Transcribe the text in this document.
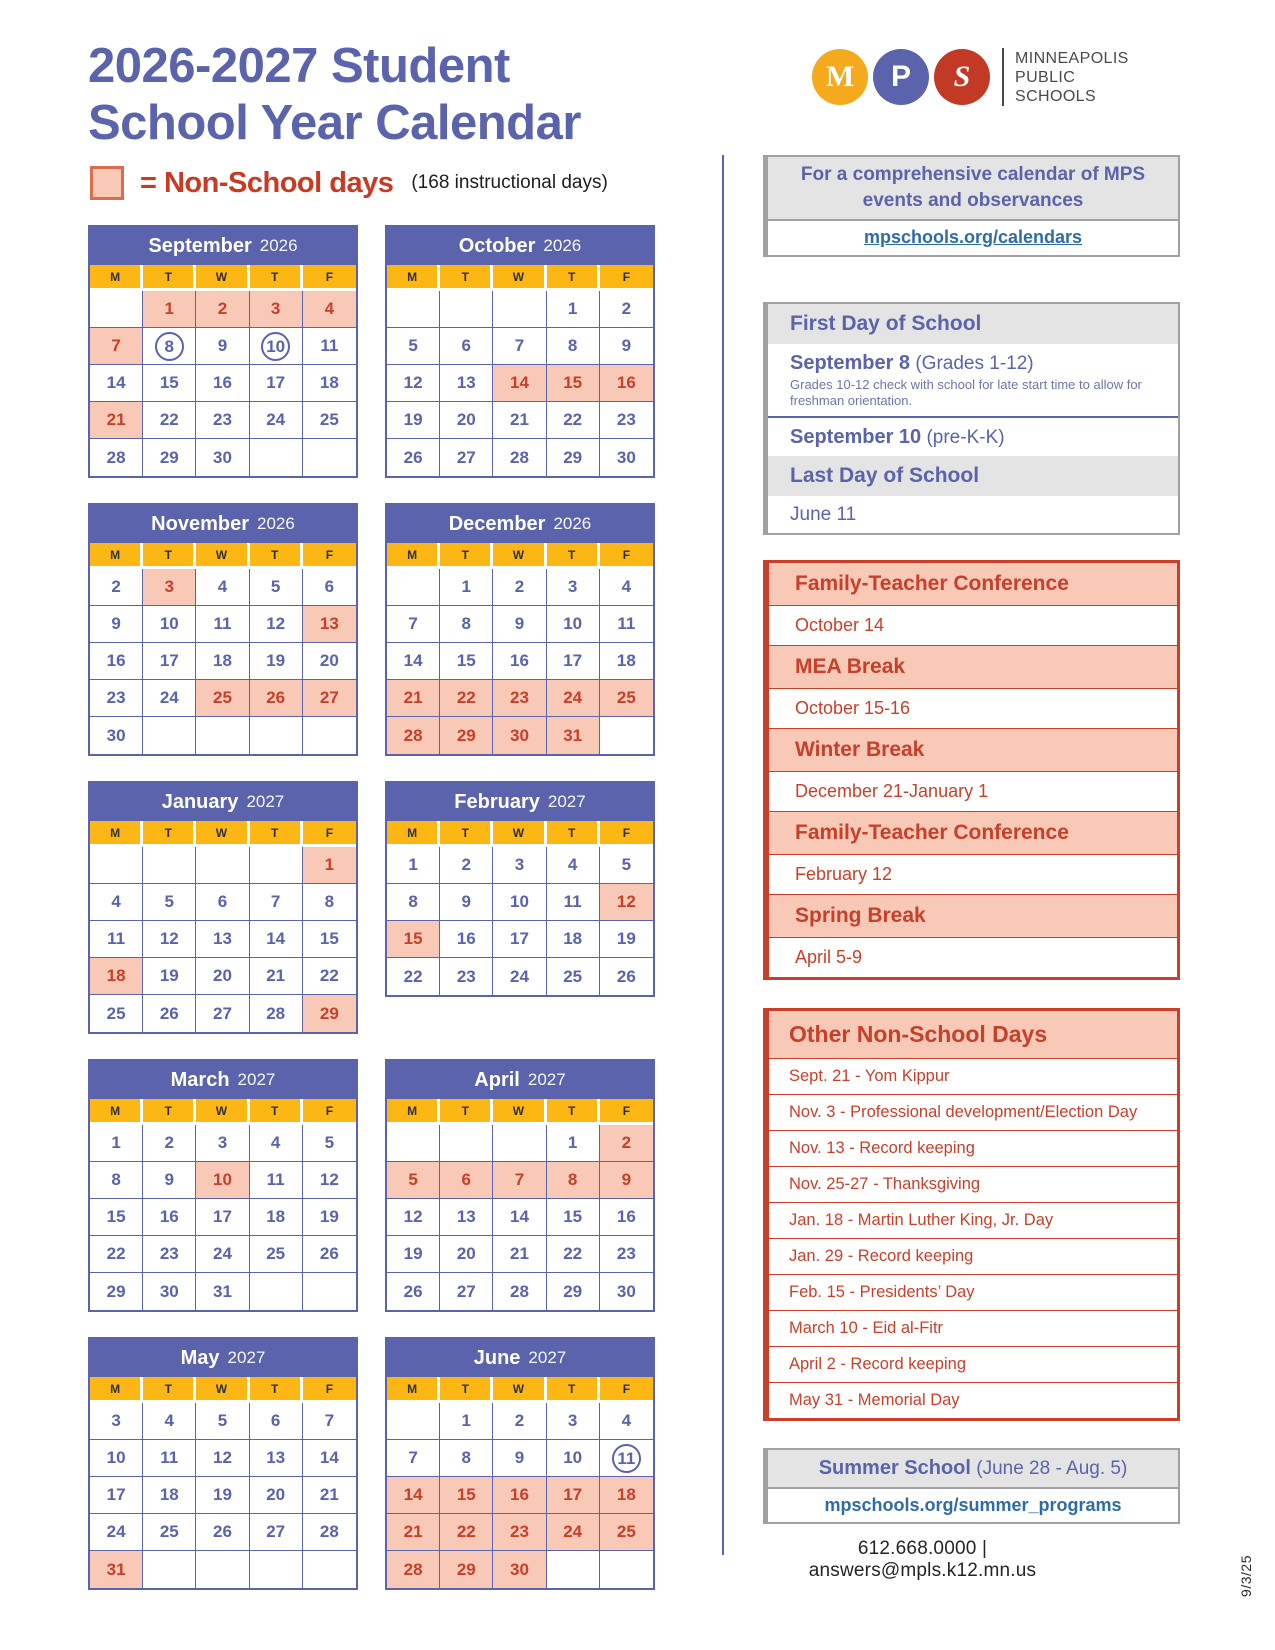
2026-2027 Student
School Year Calendar
= Non-School days (168 instructional days)
M	P	S
MINNEAPOLIS
PUBLIC
SCHOOLS
September 2026
M	T	W	T	F
	1	2	3	4
7	8	9	10	11
14	15	16	17	18
21	22	23	24	25
28	29	30		
October 2026
M	T	W	T	F
			1	2
5	6	7	8	9
12	13	14	15	16
19	20	21	22	23
26	27	28	29	30
November 2026
M	T	W	T	F
2	3	4	5	6
9	10	11	12	13
16	17	18	19	20
23	24	25	26	27
30				
December 2026
M	T	W	T	F
	1	2	3	4
7	8	9	10	11
14	15	16	17	18
21	22	23	24	25
28	29	30	31	
January 2027
M	T	W	T	F
				1
4	5	6	7	8
11	12	13	14	15
18	19	20	21	22
25	26	27	28	29
February 2027
M	T	W	T	F
1	2	3	4	5
8	9	10	11	12
15	16	17	18	19
22	23	24	25	26
March 2027
M	T	W	T	F
1	2	3	4	5
8	9	10	11	12
15	16	17	18	19
22	23	24	25	26
29	30	31		
April 2027
M	T	W	T	F
			1	2
5	6	7	8	9
12	13	14	15	16
19	20	21	22	23
26	27	28	29	30
May 2027
M	T	W	T	F
3	4	5	6	7
10	11	12	13	14
17	18	19	20	21
24	25	26	27	28
31				
June 2027
M	T	W	T	F
	1	2	3	4
7	8	9	10	11
14	15	16	17	18
21	22	23	24	25
28	29	30		
For a comprehensive calendar of MPS events and observances
mpschools.org/calendars
First Day of School
September 8 (Grades 1-12)
Grades 10-12 check with school for late start time to allow for freshman orientation.
September 10 (pre-K-K)
Last Day of School
June 11
Family-Teacher Conference
October 14
MEA Break
October 15-16
Winter Break
December 21-January 1
Family-Teacher Conference
February 12
Spring Break
April 5-9
Other Non-School Days
Sept. 21 - Yom Kippur
Nov. 3 - Professional development/Election Day
Nov. 13 - Record keeping
Nov. 25-27 - Thanksgiving
Jan. 18 - Martin Luther King, Jr. Day
Jan. 29 - Record keeping
Feb. 15 - Presidents’ Day
March 10 - Eid al-Fitr
April 2 - Record keeping
May 31 - Memorial Day
Summer School (June 28 - Aug. 5)
mpschools.org/summer_programs
612.668.0000 | answers@mpls.k12.mn.us	9/3/25
